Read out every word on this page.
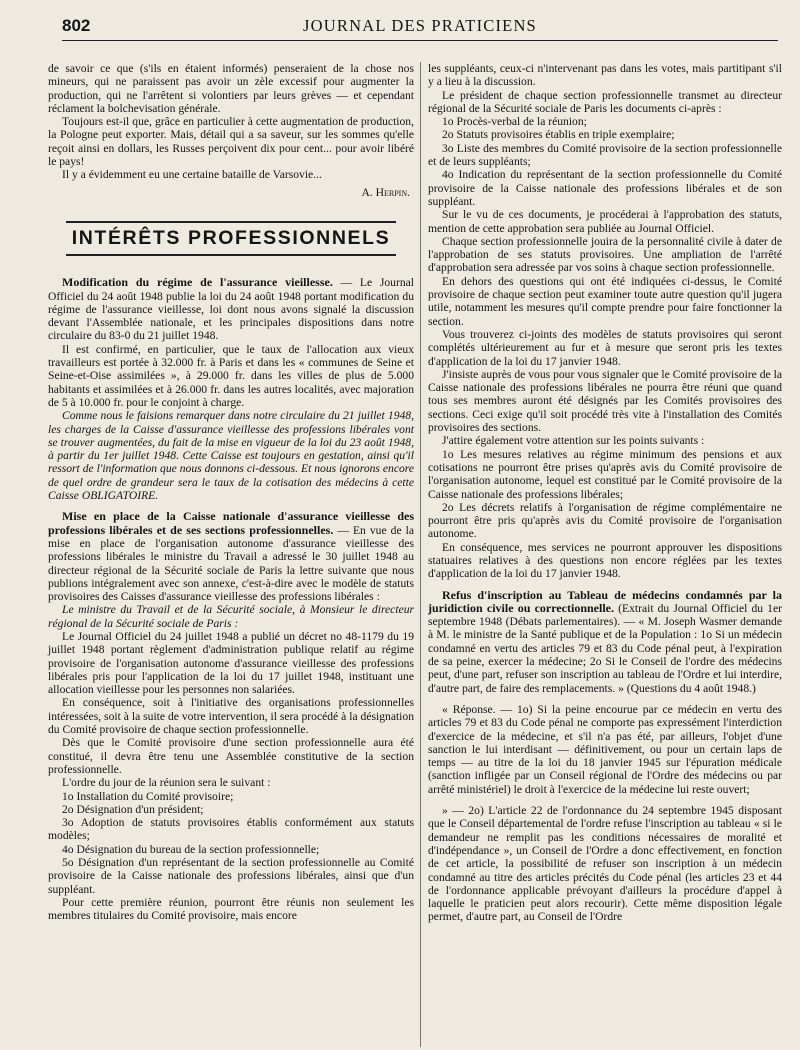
802	JOURNAL DES PRATICIENS

de savoir ce que (s'ils en étaient informés) penseraient de la chose nos mineurs, qui ne paraissent pas avoir un zèle excessif pour augmenter la production, qui ne l'arrêtent si volontiers par leurs grèves — et cependant réclament la bolchevisation générale.

Toujours est-il que, grâce en particulier à cette augmentation de production, la Pologne peut exporter. Mais, détail qui a sa saveur, sur les sommes qu'elle reçoit ainsi en dollars, les Russes perçoivent dix pour cent... pour avoir libéré le pays!

Il y a évidemment eu une certaine bataille de Varsovie...

A. Herpin.

INTÉRÊTS PROFESSIONNELS

Modification du régime de l'assurance vieillesse. — Le Journal Officiel du 24 août 1948 publie la loi du 24 août 1948 portant modification du régime de l'assurance vieillesse, loi dont nous avons signalé la discussion devant l'Assemblée nationale, et les principales dispositions dans notre circulaire du 83-0 du 21 juillet 1948.

Il est confirmé, en particulier, que le taux de l'allocation aux vieux travailleurs est portée à 32.000 fr. à Paris et dans les « communes de Seine et Seine-et-Oise assimilées », à 29.000 fr. dans les villes de plus de 5.000 habitants et assimilées et à 26.000 fr. dans les autres localités, avec majoration de 5 à 10.000 fr. pour le conjoint à charge.

Comme nous le faisions remarquer dans notre circulaire du 21 juillet 1948, les charges de la Caisse d'assurance vieillesse des professions libérales vont se trouver augmentées, du fait de la mise en vigueur de la loi du 23 août 1948, à partir du 1er juillet 1948. Cette Caisse est toujours en gestation, ainsi qu'il ressort de l'information que nous donnons ci-dessous. Et nous ignorons encore de quel ordre de grandeur sera le taux de la cotisation des médecins à cette Caisse OBLIGATOIRE.

Mise en place de la Caisse nationale d'assurance vieillesse des professions libérales et de ses sections professionnelles. — En vue de la mise en place de l'organisation autonome d'assurance vieillesse des professions libérales le ministre du Travail a adressé le 30 juillet 1948 au directeur régional de la Sécurité sociale de Paris la lettre suivante que nous publions intégralement avec son annexe, c'est-à-dire avec le modèle de statuts provisoires des Caisses d'assurance vieillesse des professions libérales :

Le ministre du Travail et de la Sécurité sociale, à Monsieur le directeur régional de la Sécurité sociale de Paris :

Le Journal Officiel du 24 juillet 1948 a publié un décret no 48-1179 du 19 juillet 1948 portant règlement d'administration publique relatif au régime provisoire de l'organisation autonome d'assurance vieillesse des professions libérales pris pour l'application de la loi du 17 juillet 1948, instituant une allocation vieillesse pour les personnes non salariées.

En conséquence, soit à l'initiative des organisations professionnelles intéressées, soit à la suite de votre intervention, il sera procédé à la désignation du Comité provisoire de chaque section professionnelle.

Dès que le Comité provisoire d'une section professionnelle aura été constitué, il devra être tenu une Assemblée constitutive de la section professionnelle.

L'ordre du jour de la réunion sera le suivant :

1o Installation du Comité provisoire;

2o Désignation d'un président;

3o Adoption de statuts provisoires établis conformément aux statuts modèles;

4o Désignation du bureau de la section professionnelle;

5o Désignation d'un représentant de la section professionnelle au Comité provisoire de la Caisse nationale des professions libérales, ainsi que d'un suppléant.

Pour cette première réunion, pourront être réunis non seulement les membres titulaires du Comité provisoire, mais encore

les suppléants, ceux-ci n'intervenant pas dans les votes, mais partitipant s'il y a lieu à la discussion.

Le président de chaque section professionnelle transmet au directeur régional de la Sécurité sociale de Paris les documents ci-après :

1o Procès-verbal de la réunion;

2o Statuts provisoires établis en triple exemplaire;

3o Liste des membres du Comité provisoire de la section professionnelle et de leurs suppléants;

4o Indication du représentant de la section professionnelle du Comité provisoire de la Caisse nationale des professions libérales et de son suppléant.

Sur le vu de ces documents, je procéderai à l'approbation des statuts, mention de cette approbation sera publiée au Journal Officiel.

Chaque section professionnelle jouira de la personnalité civile à dater de l'approbation de ses statuts provisoires. Une ampliation de l'arrêté d'approbation sera adressée par vos soins à chaque section professionnelle.

En dehors des questions qui ont été indiquées ci-dessus, le Comité provisoire de chaque section peut examiner toute autre question qu'il jugera utile, notamment les mesures qu'il compte prendre pour faire fonctionner la section.

Vous trouverez ci-joints des modèles de statuts provisoires qui seront complétés ultérieurement au fur et à mesure que seront pris les textes d'application de la loi du 17 janvier 1948.

J'insiste auprès de vous pour vous signaler que le Comité provisoire de la Caisse nationale des professions libérales ne pourra être réuni que quand tous ses membres auront été désignés par les Comités provisoires des sections. Ceci exige qu'il soit procédé très vite à l'installation des Comités provisoires des sections.

J'attire également votre attention sur les points suivants :

1o Les mesures relatives au régime minimum des pensions et aux cotisations ne pourront être prises qu'après avis du Comité provisoire de l'organisation autonome, lequel est constitué par le Comité provisoire de la Caisse nationale des professions libérales;

2o Les décrets relatifs à l'organisation de régime complémentaire ne pourront être pris qu'après avis du Comité provisoire de l'organisation autonome.

En conséquence, mes services ne pourront approuver les dispositions statuaires relatives à des questions non encore réglées par les textes d'application de la loi du 17 janvier 1948.

Refus d'inscription au Tableau de médecins condamnés par la juridiction civile ou correctionnelle. (Extrait du Journal Officiel du 1er septembre 1948 (Débats parlementaires). — « M. Joseph Wasmer demande à M. le ministre de la Santé publique et de la Population : 1o Si un médecin condamné en vertu des articles 79 et 83 du Code pénal peut, à l'expiration de sa peine, exercer la médecine; 2o Si le Conseil de l'ordre des médecins peut, d'une part, refuser son inscription au tableau de l'Ordre et lui interdire, d'autre part, de faire des remplacements. » (Questions du 4 août 1948.)

« Réponse. — 1o) Si la peine encourue par ce médecin en vertu des articles 79 et 83 du Code pénal ne comporte pas expressément l'interdiction d'exercice de la médecine, et s'il n'a pas été, par ailleurs, l'objet d'une sanction le lui interdisant — définitivement, ou pour un certain laps de temps — au titre de la loi du 18 janvier 1945 sur l'épuration médicale (sanction infligée par un Conseil régional de l'Ordre des médecins ou par arrêté ministériel) le droit à l'exercice de la médecine lui reste ouvert;

» — 2o) L'article 22 de l'ordonnance du 24 septembre 1945 disposant que le Conseil départemental de l'ordre refuse l'inscription au tableau « si le demandeur ne remplit pas les conditions nécessaires de moralité et d'indépendance », un Conseil de l'Ordre a donc effectivement, en fonction de cet article, la possibilité de refuser son inscription à un médecin condamné au titre des articles précités du Code pénal (les articles 23 et 44 de l'ordonnance applicable prévoyant d'ailleurs la procédure d'appel à laquelle le praticien peut alors recourir). Cette même disposition légale permet, d'autre part, au Conseil de l'Ordre
